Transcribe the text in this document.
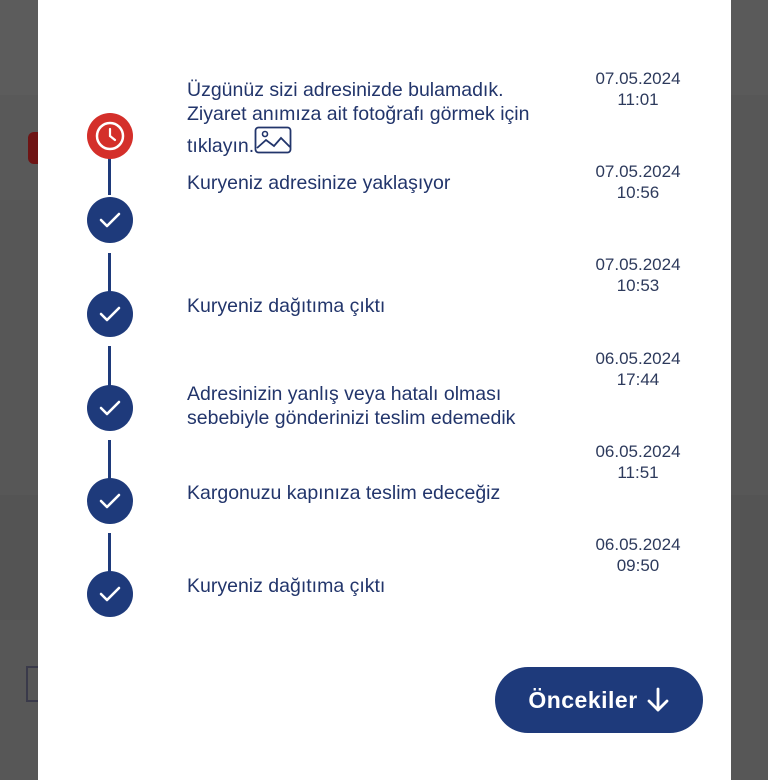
Üzgünüz sizi adresinizde bulamadık.
Ziyaret anımıza ait fotoğrafı görmek için
tıklayın.
07.05.2024
11:01
Kuryeniz adresinize yaklaşıyor
07.05.2024
10:56
Kuryeniz dağıtıma çıktı
07.05.2024
10:53
Adresinizin yanlış veya hatalı olması
sebebiyle gönderinizi teslim edemedik
06.05.2024
17:44
Kargonuzu kapınıza teslim edeceğiz
06.05.2024
11:51
Kuryeniz dağıtıma çıktı
06.05.2024
09:50
Öncekiler
